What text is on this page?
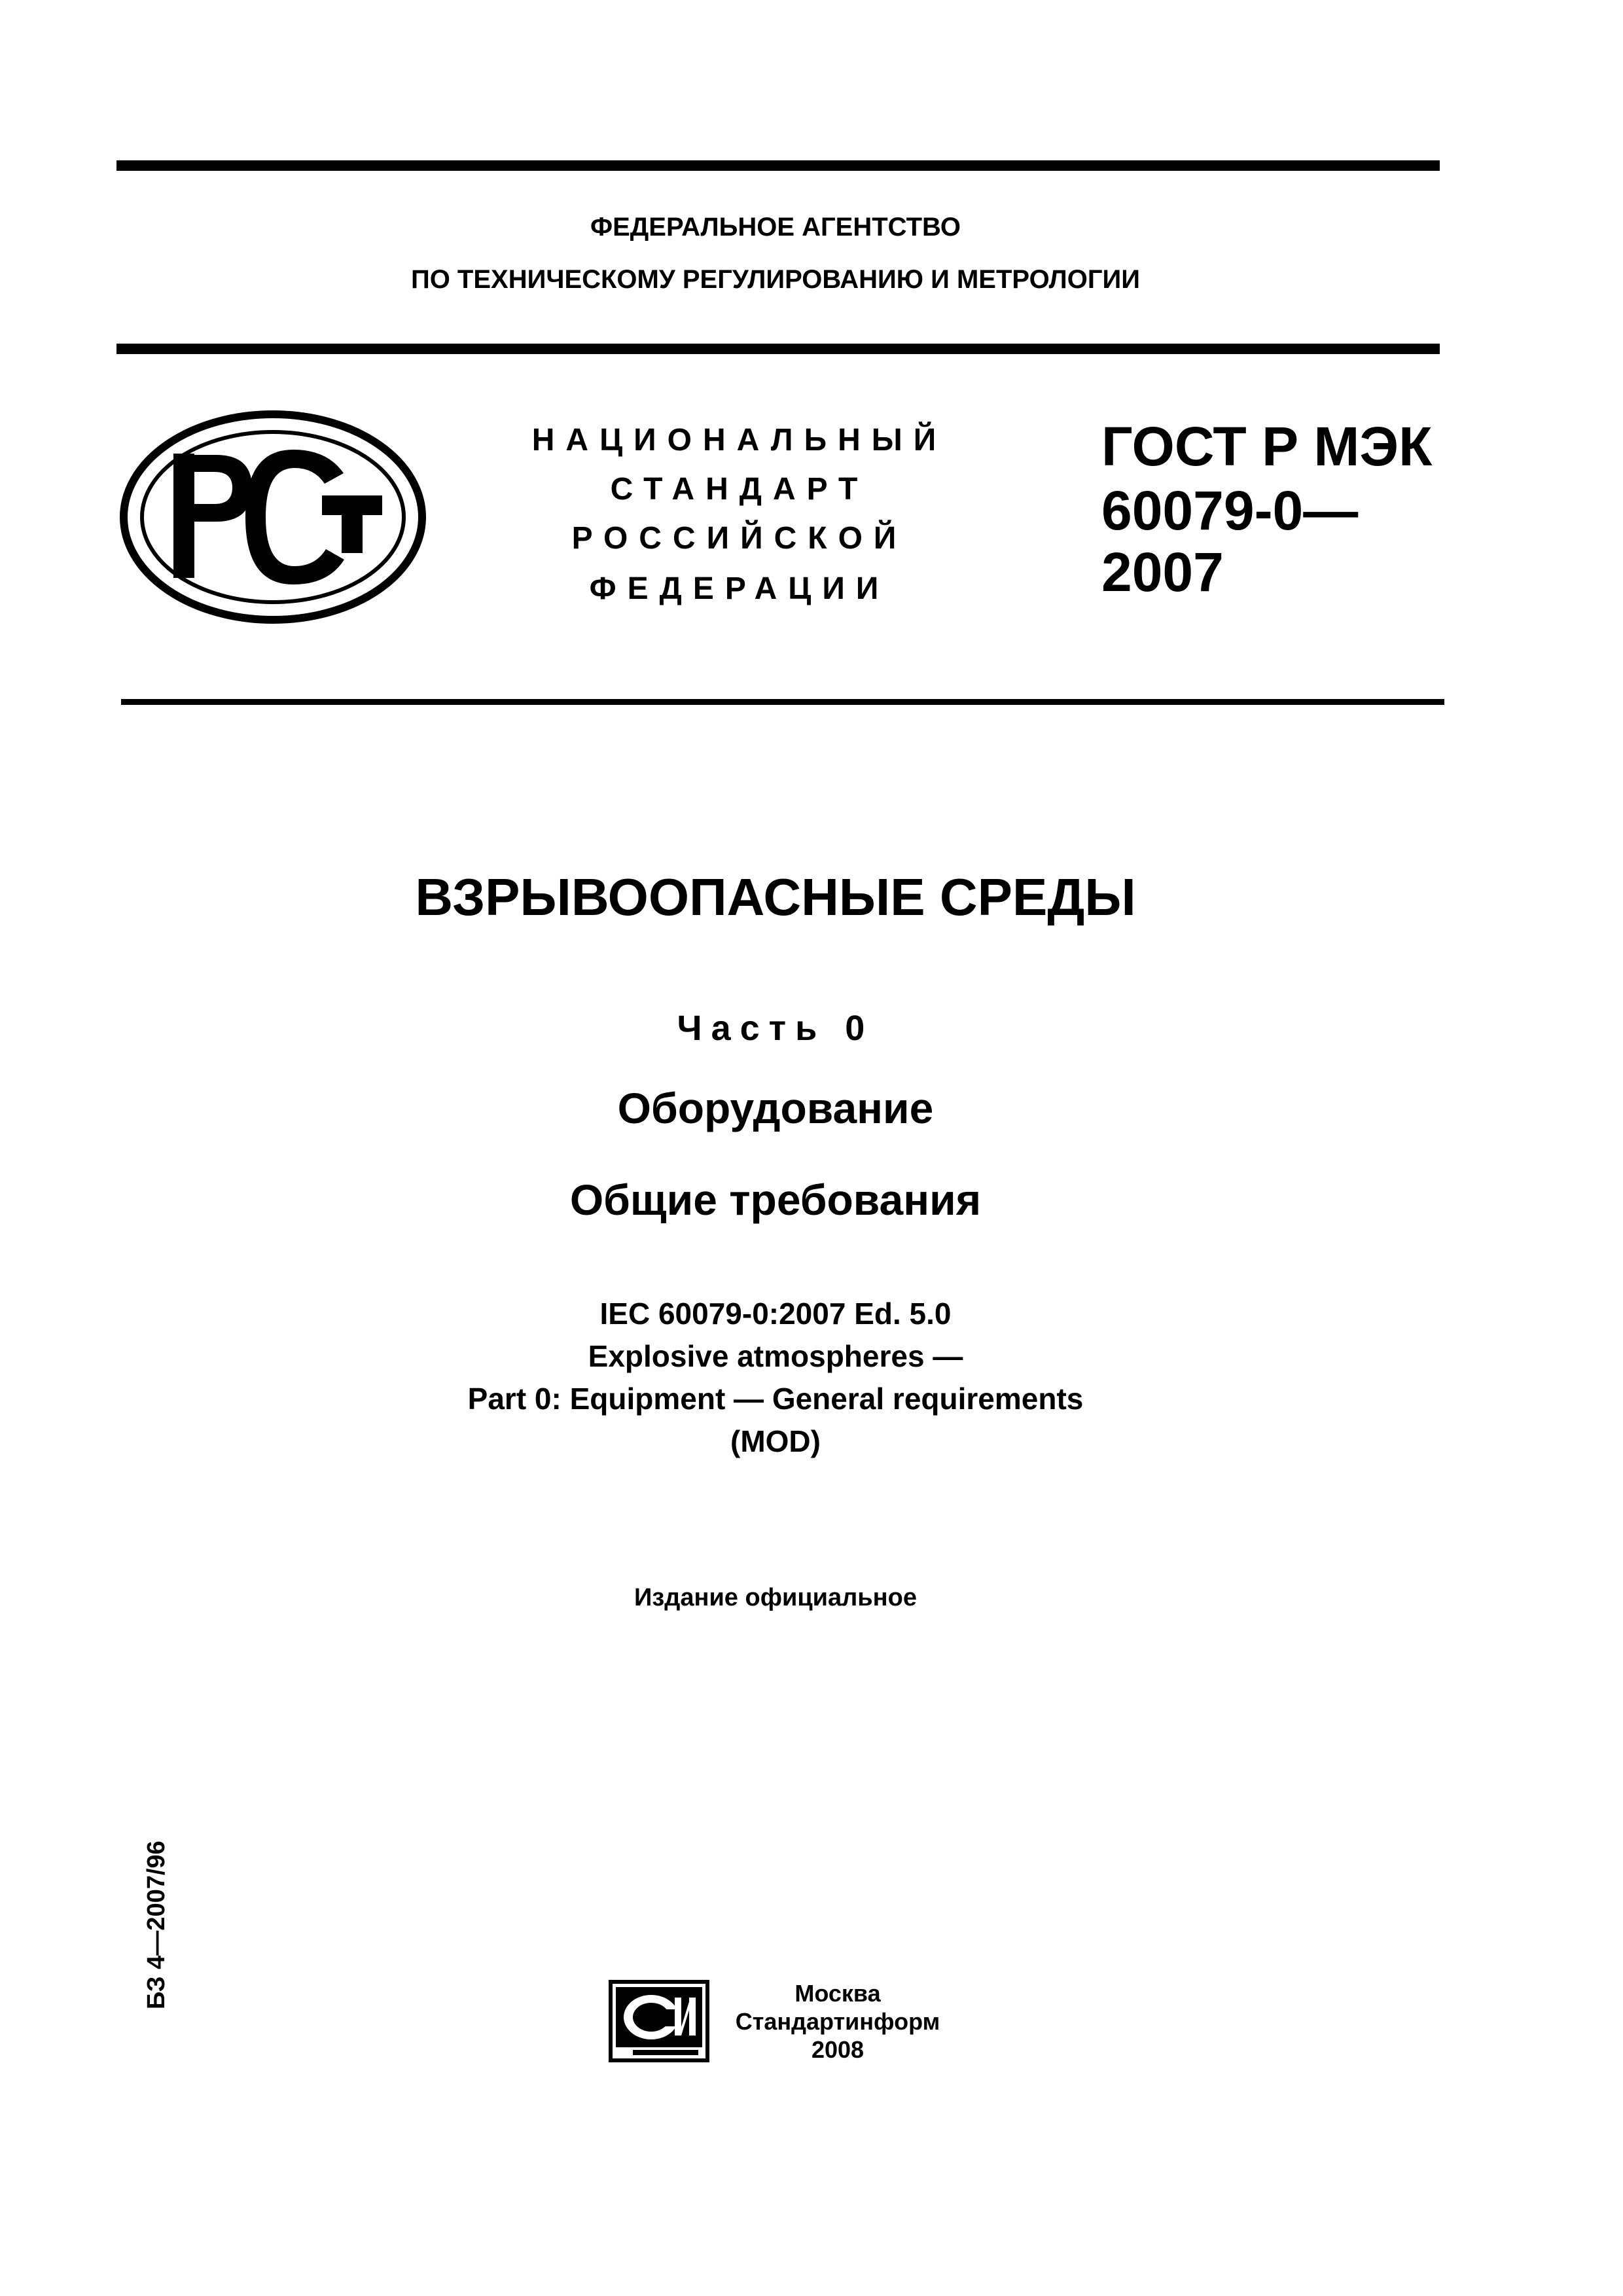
ФЕДЕРАЛЬНОЕ АГЕНТСТВО
ПО ТЕХНИЧЕСКОМУ РЕГУЛИРОВАНИЮ И МЕТРОЛОГИИ
НАЦИОНАЛЬНЫЙ
СТАНДАРТ
РОССИЙСКОЙ
ФЕДЕРАЦИИ
ГОСТ Р МЭК
60079-0—
2007
ВЗРЫВООПАСНЫЕ СРЕДЫ
Часть 0
Оборудование
Общие требования
IEC 60079-0:2007 Ed. 5.0
Explosive atmospheres —
Part 0: Equipment — General requirements
(MOD)
Издание официальное
БЗ 4—2007/96	Москва
Стандартинформ
2008
